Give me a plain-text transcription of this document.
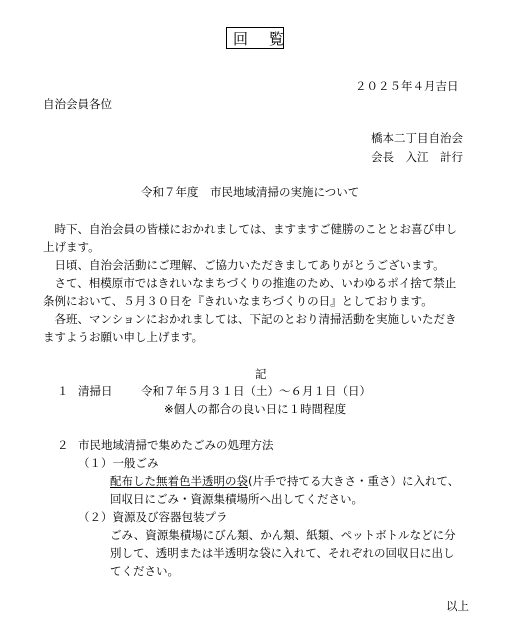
回 覧
２０２５年４月吉日
自治会員各位
橋本二丁目自治会
会長　入江　計行
令和７年度　市民地域清掃の実施について
　時下、自治会員の皆様におかれましては、ますますご健勝のこととお喜び申し
上げます。
　日頃、自治会活動にご理解、ご協力いただきましてありがとうございます。
　さて、相模原市ではきれいなまちづくりの推進のため、いわゆるポイ捨て禁止
条例において、５月３０日を『きれいなまちづくりの日』としております。
　各班、マンションにおかれましては、下記のとおり清掃活動を実施しいただき
ますようお願い申し上げます。
記
１ 清掃日 令和７年５月３１日（土）～６月１日（日）
※個人の都合の良い日に１時間程度
２ 市民地域清掃で集めたごみの処理方法
（１）一般ごみ
配布した無着色半透明の袋(片手で持てる大きさ・重さ）に入れて、
回収日にごみ・資源集積場所へ出してください。
（２）資源及び容器包装プラ
ごみ、資源集積場にびん類、かん類、紙類、ペットボトルなどに分
別して、透明または半透明な袋に入れて、それぞれの回収日に出し
てください。
以上
